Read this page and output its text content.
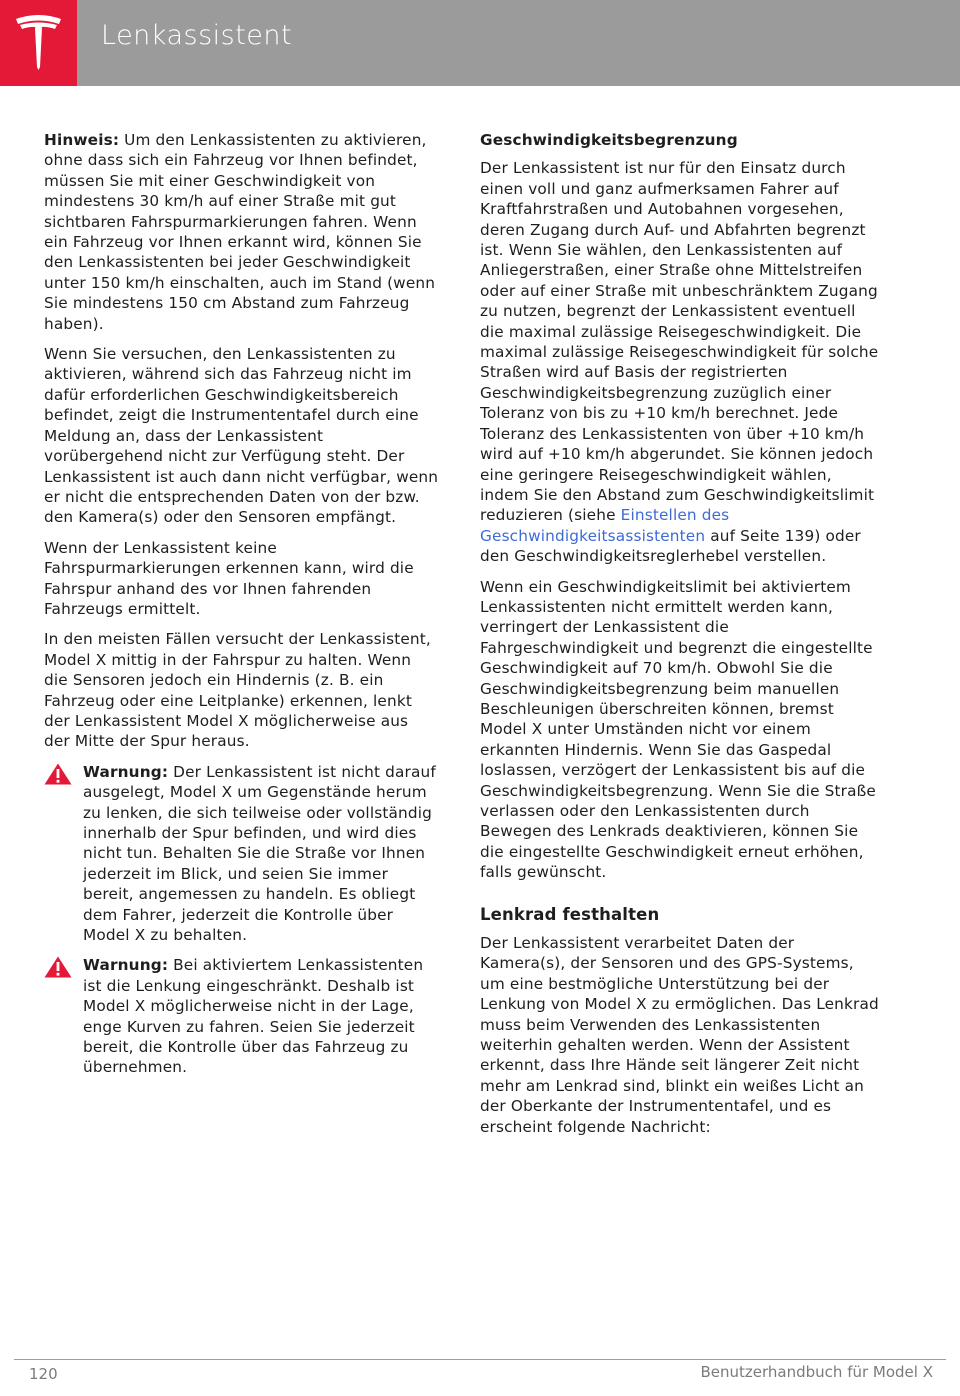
Lenkassistent

Hinweis: Um den Lenkassistenten zu aktivieren, ohne dass sich ein Fahrzeug vor Ihnen befindet, müssen Sie mit einer Geschwindigkeit von mindestens 30 km/h auf einer Straße mit gut sichtbaren Fahrspurmarkierungen fahren. Wenn ein Fahrzeug vor Ihnen erkannt wird, können Sie den Lenkassistenten bei jeder Geschwindigkeit unter 150 km/h einschalten, auch im Stand (wenn Sie mindestens 150 cm Abstand zum Fahrzeug haben).

Wenn Sie versuchen, den Lenkassistenten zu aktivieren, während sich das Fahrzeug nicht im dafür erforderlichen Geschwindigkeitsbereich befindet, zeigt die Instrumententafel durch eine Meldung an, dass der Lenkassistent vorübergehend nicht zur Verfügung steht. Der Lenkassistent ist auch dann nicht verfügbar, wenn er nicht die entsprechenden Daten von der bzw. den Kamera(s) oder den Sensoren empfängt.

Wenn der Lenkassistent keine Fahrspurmarkierungen erkennen kann, wird die Fahrspur anhand des vor Ihnen fahrenden Fahrzeugs ermittelt.

In den meisten Fällen versucht der Lenkassistent, Model X mittig in der Fahrspur zu halten. Wenn die Sensoren jedoch ein Hindernis (z. B. ein Fahrzeug oder eine Leitplanke) erkennen, lenkt der Lenkassistent Model X möglicherweise aus der Mitte der Spur heraus.

Warnung: Der Lenkassistent ist nicht darauf ausgelegt, Model X um Gegenstände herum zu lenken, die sich teilweise oder vollständig innerhalb der Spur befinden, und wird dies nicht tun. Behalten Sie die Straße vor Ihnen jederzeit im Blick, und seien Sie immer bereit, angemessen zu handeln. Es obliegt dem Fahrer, jederzeit die Kontrolle über Model X zu behalten.
Warnung: Bei aktiviertem Lenkassistenten ist die Lenkung eingeschränkt. Deshalb ist Model X möglicherweise nicht in der Lage, enge Kurven zu fahren. Seien Sie jederzeit bereit, die Kontrolle über das Fahrzeug zu übernehmen.
Geschwindigkeitsbegrenzung

Der Lenkassistent ist nur für den Einsatz durch einen voll und ganz aufmerksamen Fahrer auf Kraftfahrstraßen und Autobahnen vorgesehen, deren Zugang durch Auf- und Abfahrten begrenzt ist. Wenn Sie wählen, den Lenkassistenten auf Anliegerstraßen, einer Straße ohne Mittelstreifen oder auf einer Straße mit unbeschränktem Zugang zu nutzen, begrenzt der Lenkassistent eventuell die maximal zulässige Reisegeschwindigkeit. Die maximal zulässige Reisegeschwindigkeit für solche Straßen wird auf Basis der registrierten Geschwindigkeitsbegrenzung zuzüglich einer Toleranz von bis zu +10 km/h berechnet. Jede Toleranz des Lenkassistenten von über +10 km/h wird auf +10 km/h abgerundet. Sie können jedoch eine geringere Reisegeschwindigkeit wählen, indem Sie den Abstand zum Geschwindigkeitslimit reduzieren (siehe Einstellen des Geschwindigkeitsassistenten auf Seite 139) oder den Geschwindigkeitsreglerhebel verstellen.

Wenn ein Geschwindigkeitslimit bei aktiviertem Lenkassistenten nicht ermittelt werden kann, verringert der Lenkassistent die Fahrgeschwindigkeit und begrenzt die eingestellte Geschwindigkeit auf 70 km/h. Obwohl Sie die Geschwindigkeitsbegrenzung beim manuellen Beschleunigen überschreiten können, bremst Model X unter Umständen nicht vor einem erkannten Hindernis. Wenn Sie das Gaspedal loslassen, verzögert der Lenkassistent bis auf die Geschwindigkeitsbegrenzung. Wenn Sie die Straße verlassen oder den Lenkassistenten durch Bewegen des Lenkrads deaktivieren, können Sie die eingestellte Geschwindigkeit erneut erhöhen, falls gewünscht.

Lenkrad festhalten

Der Lenkassistent verarbeitet Daten der Kamera(s), der Sensoren und des GPS-Systems, um eine bestmögliche Unterstützung bei der Lenkung von Model X zu ermöglichen. Das Lenkrad muss beim Verwenden des Lenkassistenten weiterhin gehalten werden. Wenn der Assistent erkennt, dass Ihre Hände seit längerer Zeit nicht mehr am Lenkrad sind, blinkt ein weißes Licht an der Oberkante der Instrumententafel, und es erscheint folgende Nachricht:

120	Benutzerhandbuch für Model X
